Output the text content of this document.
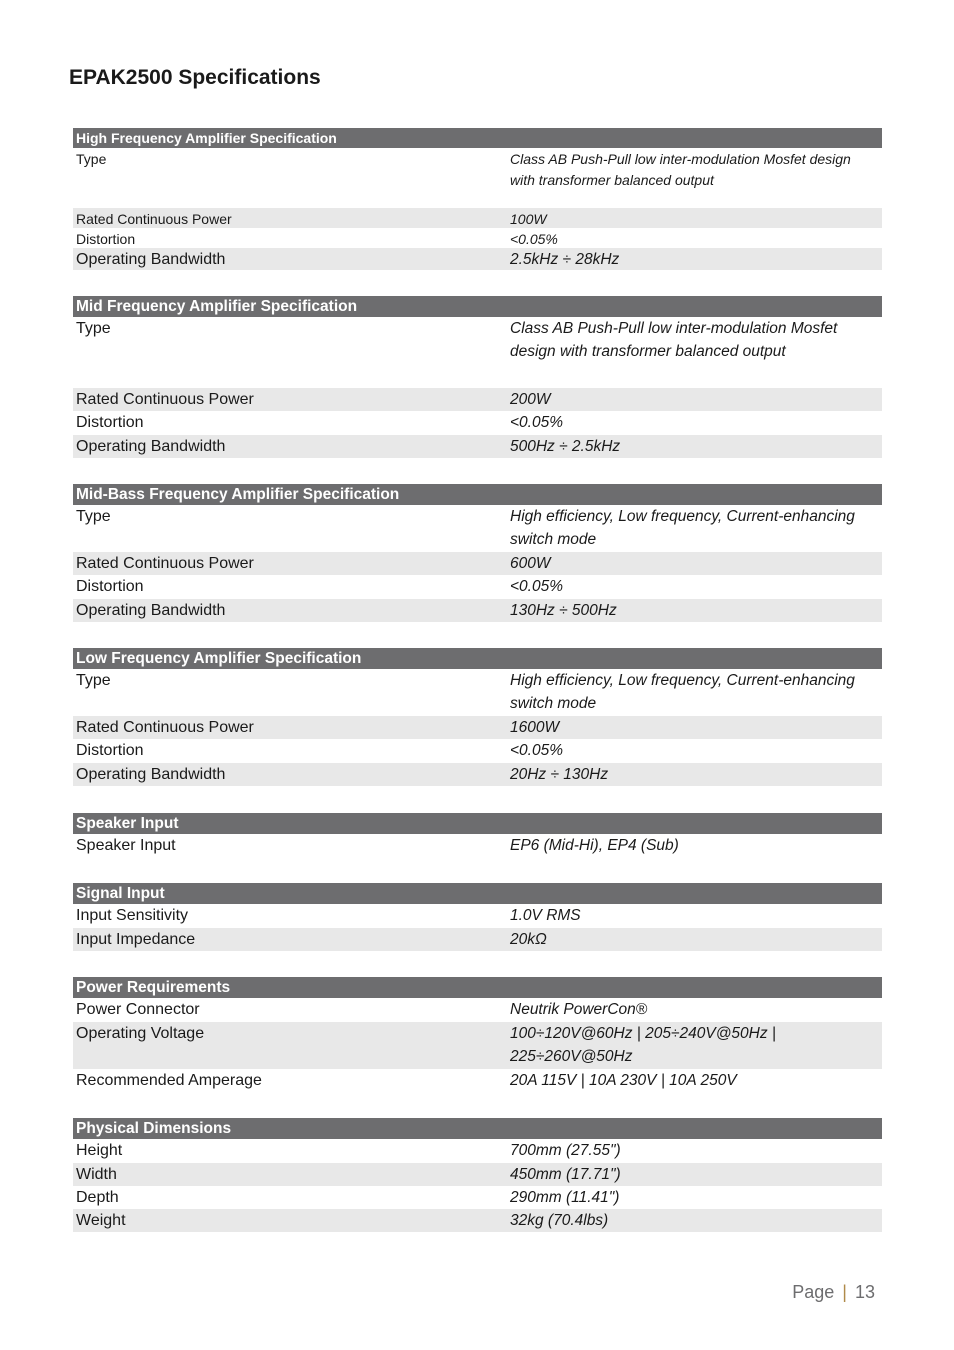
EPAK2500 Specifications
High Frequency Amplifier Specification
Type	Class AB Push-Pull low inter-modulation Mosfet design with transformer balanced output
Rated Continuous Power	100W
Distortion	<0.05%
Operating Bandwidth	2.5kHz ÷ 28kHz
Mid Frequency Amplifier Specification
Type	Class AB Push-Pull low inter-modulation Mosfet design with transformer balanced output
Rated Continuous Power	200W
Distortion	<0.05%
Operating Bandwidth	500Hz ÷ 2.5kHz
Mid-Bass Frequency Amplifier Specification
Type	High efficiency, Low frequency, Current-enhancing switch mode
Rated Continuous Power	600W
Distortion	<0.05%
Operating Bandwidth	130Hz ÷ 500Hz
Low Frequency Amplifier Specification
Type	High efficiency, Low frequency, Current-enhancing switch mode
Rated Continuous Power	1600W
Distortion	<0.05%
Operating Bandwidth	20Hz ÷ 130Hz
Speaker Input
Speaker Input	EP6 (Mid-Hi), EP4 (Sub)
Signal Input
Input Sensitivity	1.0V RMS
Input Impedance	20kΩ
Power Requirements
Power Connector	Neutrik PowerCon®
Operating Voltage	100÷120V@60Hz | 205÷240V@50Hz | 225÷260V@50Hz
Recommended Amperage	20A 115V | 10A 230V | 10A 250V
Physical Dimensions
Height	700mm (27.55")
Width	450mm (17.71")
Depth	290mm (11.41")
Weight	32kg (70.4lbs)
Page | 13
